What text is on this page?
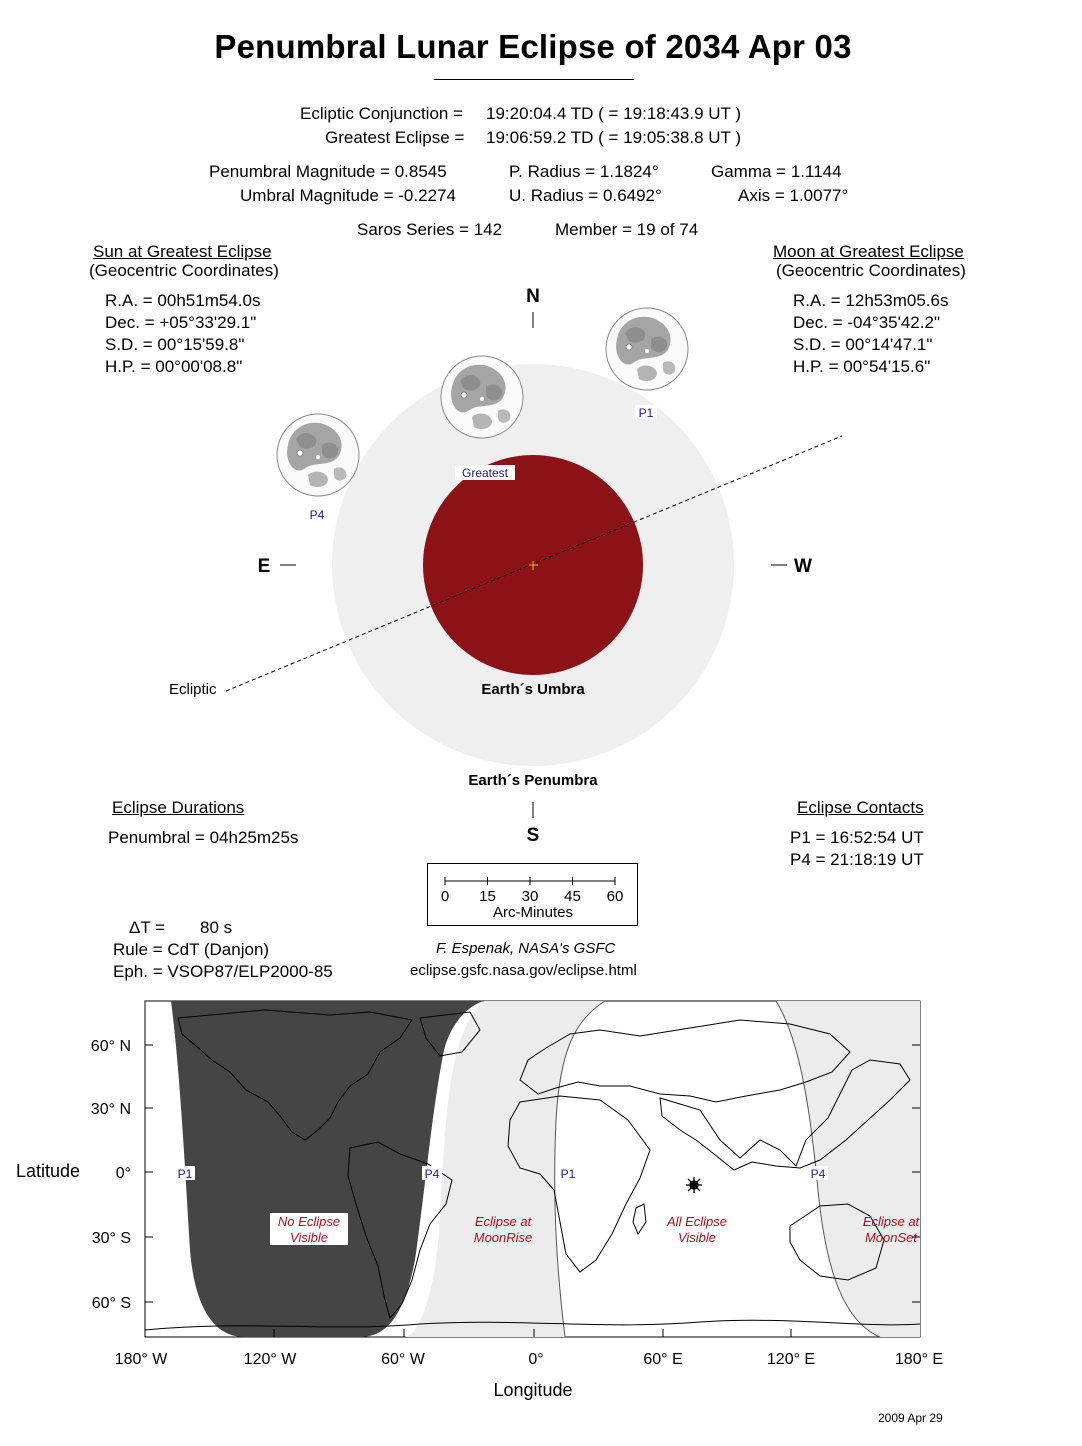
Penumbral Lunar Eclipse of 2034 Apr 03
Ecliptic Conjunction = 19:20:04.4 TD ( = 19:18:43.9 UT )
Greatest Eclipse = 19:06:59.2 TD ( = 19:05:38.8 UT )
Penumbral Magnitude = 0.8545
Umbral Magnitude = -0.2274
P. Radius = 1.1824°
U. Radius = 0.6492°
Gamma = 1.1144
Axis = 1.0077°
Saros Series = 142	Member = 19 of 74
Sun at Greatest Eclipse
(Geocentric Coordinates)
R.A. = 00h51m54.0s
Dec. = +05°33'29.1"
S.D. = 00°15'59.8"
H.P. = 00°00'08.8"
Moon at Greatest Eclipse
(Geocentric Coordinates)
R.A. = 12h53m05.6s
Dec. = -04°35'42.2"
S.D. = 00°14'47.1"
H.P. = 00°54'15.6"
P1
P4
Greatest
N
S
E	W
Ecliptic	Earth´s Umbra
Earth´s Penumbra
Eclipse Durations
Penumbral = 04h25m25s
Eclipse Contacts
P1 = 16:52:54 UT
P4 = 21:18:19 UT
0 15 30 45 60
Arc-Minutes
ΔT = 80 s
Rule = CdT (Danjon)
Eph. = VSOP87/ELP2000-85
F. Espenak, NASA's GSFC
eclipse.gsfc.nasa.gov/eclipse.html
P1	P4	P1	P4
No Eclipse
Visible
Eclipse at
MoonRise
All Eclipse
Visible
Eclipse at
MoonSet
60° N
30° N
0°
30° S
60° S
Latitude
180° W	120° W	60° W	0°	60° E	120° E	180° E
Longitude
2009 Apr 29
